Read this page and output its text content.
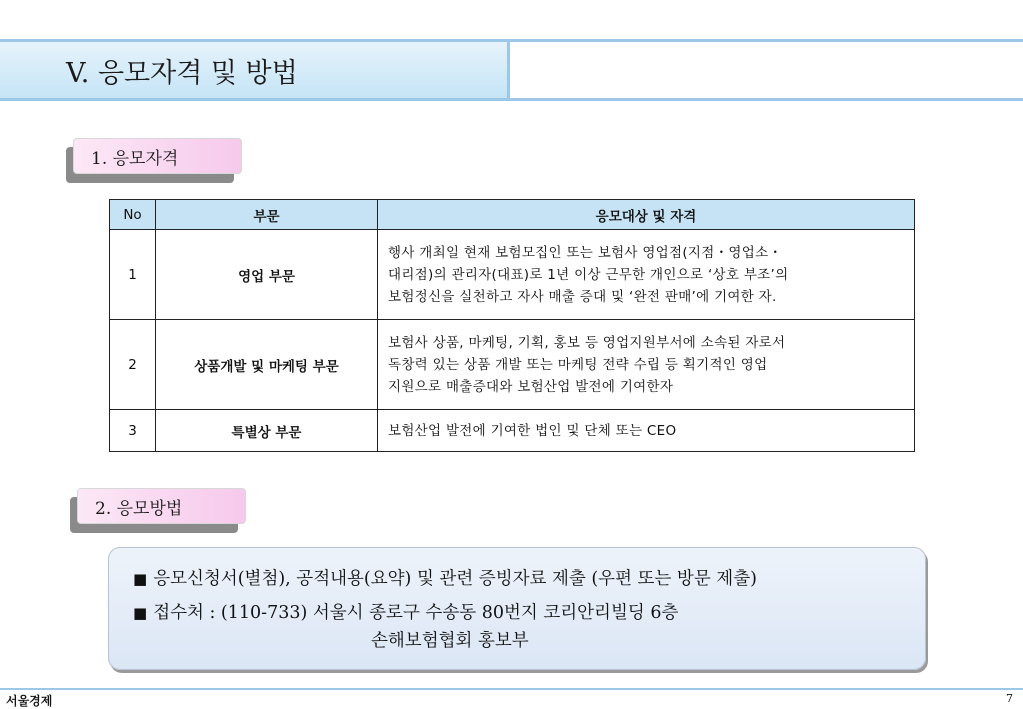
V. 응모자격 및 방법
1. 응모자격
No	부문	응모대상 및 자격
1	영업 부문	행사 개최일 현재 보험모집인 또는 보험사 영업점(지점・영업소・
대리점)의 관리자(대표)로 1년 이상 근무한 개인으로 ‘상호 부조’의
보험정신을 실천하고 자사 매출 증대 및 ‘완전 판매’에 기여한 자.

2	상품개발 및 마케팅 부문	보험사 상품, 마케팅, 기획, 홍보 등 영업지원부서에 소속된 자로서
독창력 있는 상품 개발 또는 마케팅 전략 수립 등 획기적인 영업
지원으로 매출증대와 보험산업 발전에 기여한자

3	특별상 부문	보험산업 발전에 기여한 법인 및 단체 또는 CEO
2. 응모방법
■ 응모신청서(별첨), 공적내용(요약) 및 관련 증빙자료 제출 (우편 또는 방문 제출)
■ 접수처 : (110-733) 서울시 종로구 수송동 80번지 코리안리빌딩 6층
손해보험협회 홍보부
서울경제	7
